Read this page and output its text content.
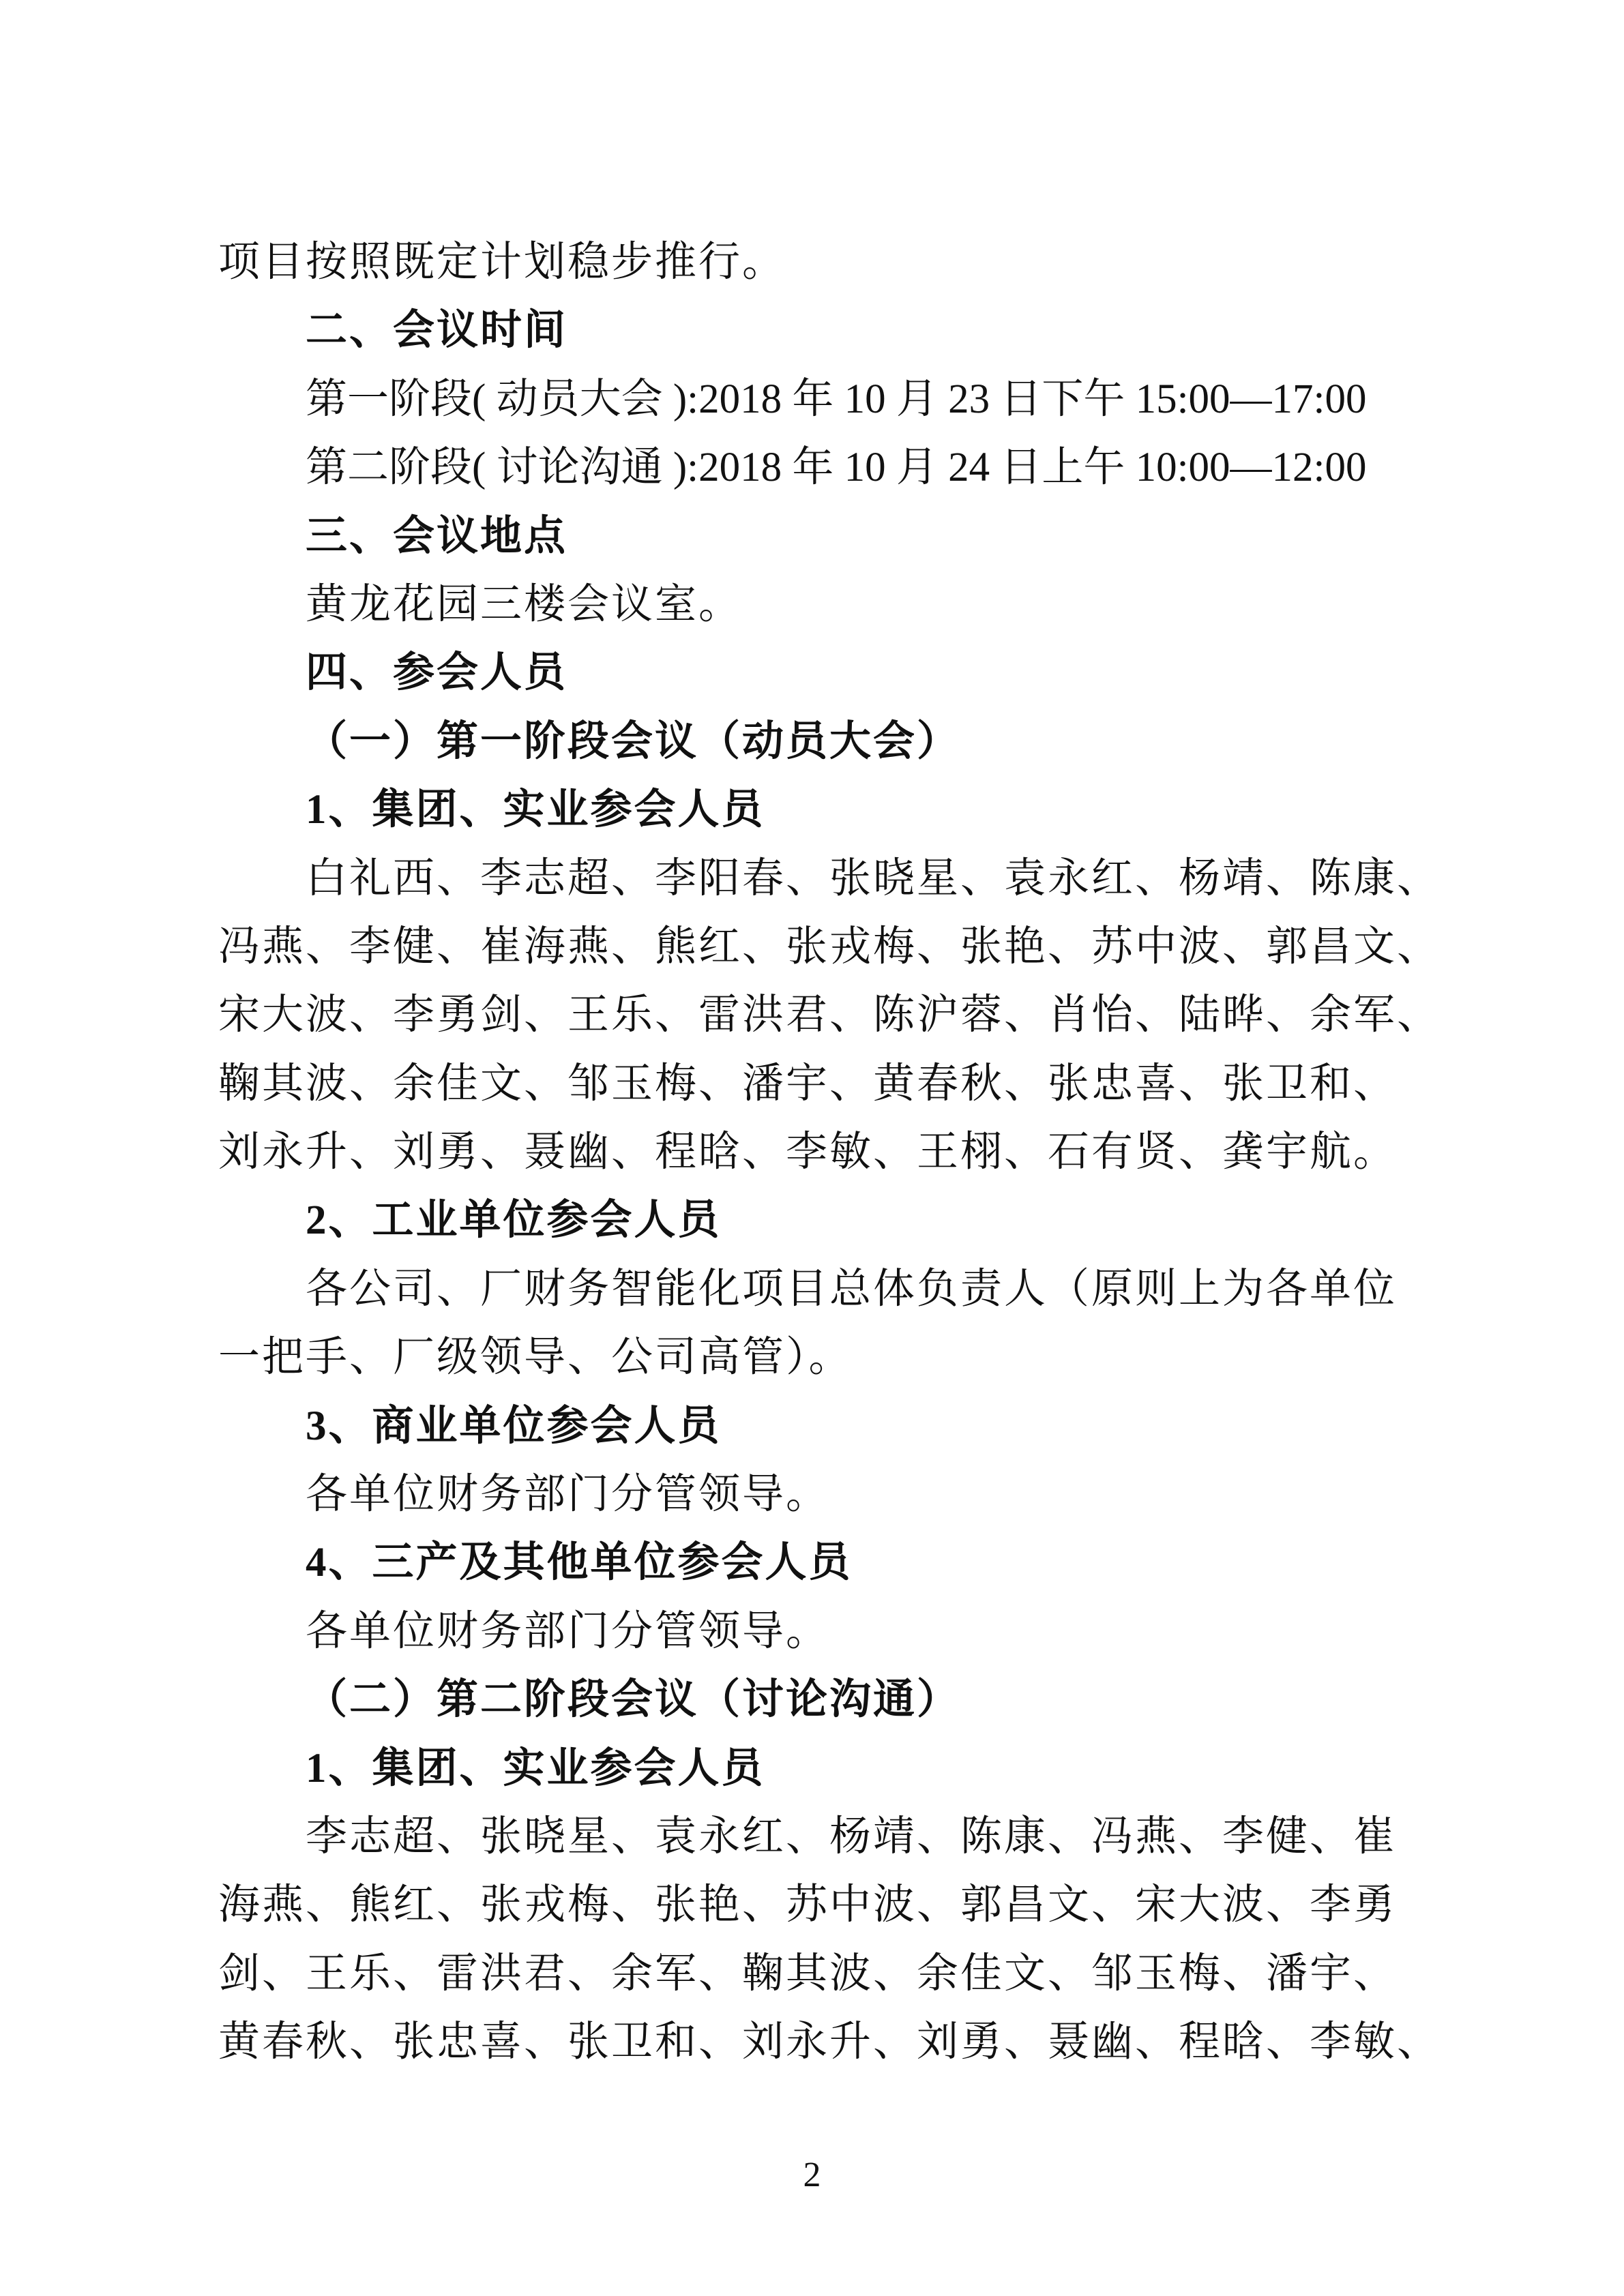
项目按照既定计划稳步推行。
二、会议时间
第一阶段( 动员大会 ):2018 年 10 月 23 日下午 15:00—17:00
第二阶段( 讨论沟通 ):2018 年 10 月 24 日上午 10:00—12:00
三、会议地点
黄龙花园三楼会议室。
四、参会人员
（一）第一阶段会议（动员大会）
1、集团、实业参会人员
白礼西、李志超、李阳春、张晓星、袁永红、杨靖、陈康、
冯燕、李健、崔海燕、熊红、张戎梅、张艳、苏中波、郭昌文、
宋大波、李勇剑、王乐、雷洪君、陈沪蓉、肖怡、陆晔、余军、
鞠其波、余佳文、邹玉梅、潘宇、黄春秋、张忠喜、张卫和、
刘永升、刘勇、聂幽、程晗、李敏、王栩、石有贤、龚宇航。
2、工业单位参会人员
各公司、厂财务智能化项目总体负责人（原则上为各单位
一把手、厂级领导、公司高管）。
3、商业单位参会人员
各单位财务部门分管领导。
4、三产及其他单位参会人员
各单位财务部门分管领导。
（二）第二阶段会议（讨论沟通）
1、集团、实业参会人员
李志超、张晓星、袁永红、杨靖、陈康、冯燕、李健、崔
海燕、熊红、张戎梅、张艳、苏中波、郭昌文、宋大波、李勇
剑、王乐、雷洪君、余军、鞠其波、余佳文、邹玉梅、潘宇、
黄春秋、张忠喜、张卫和、刘永升、刘勇、聂幽、程晗、李敏、
2
